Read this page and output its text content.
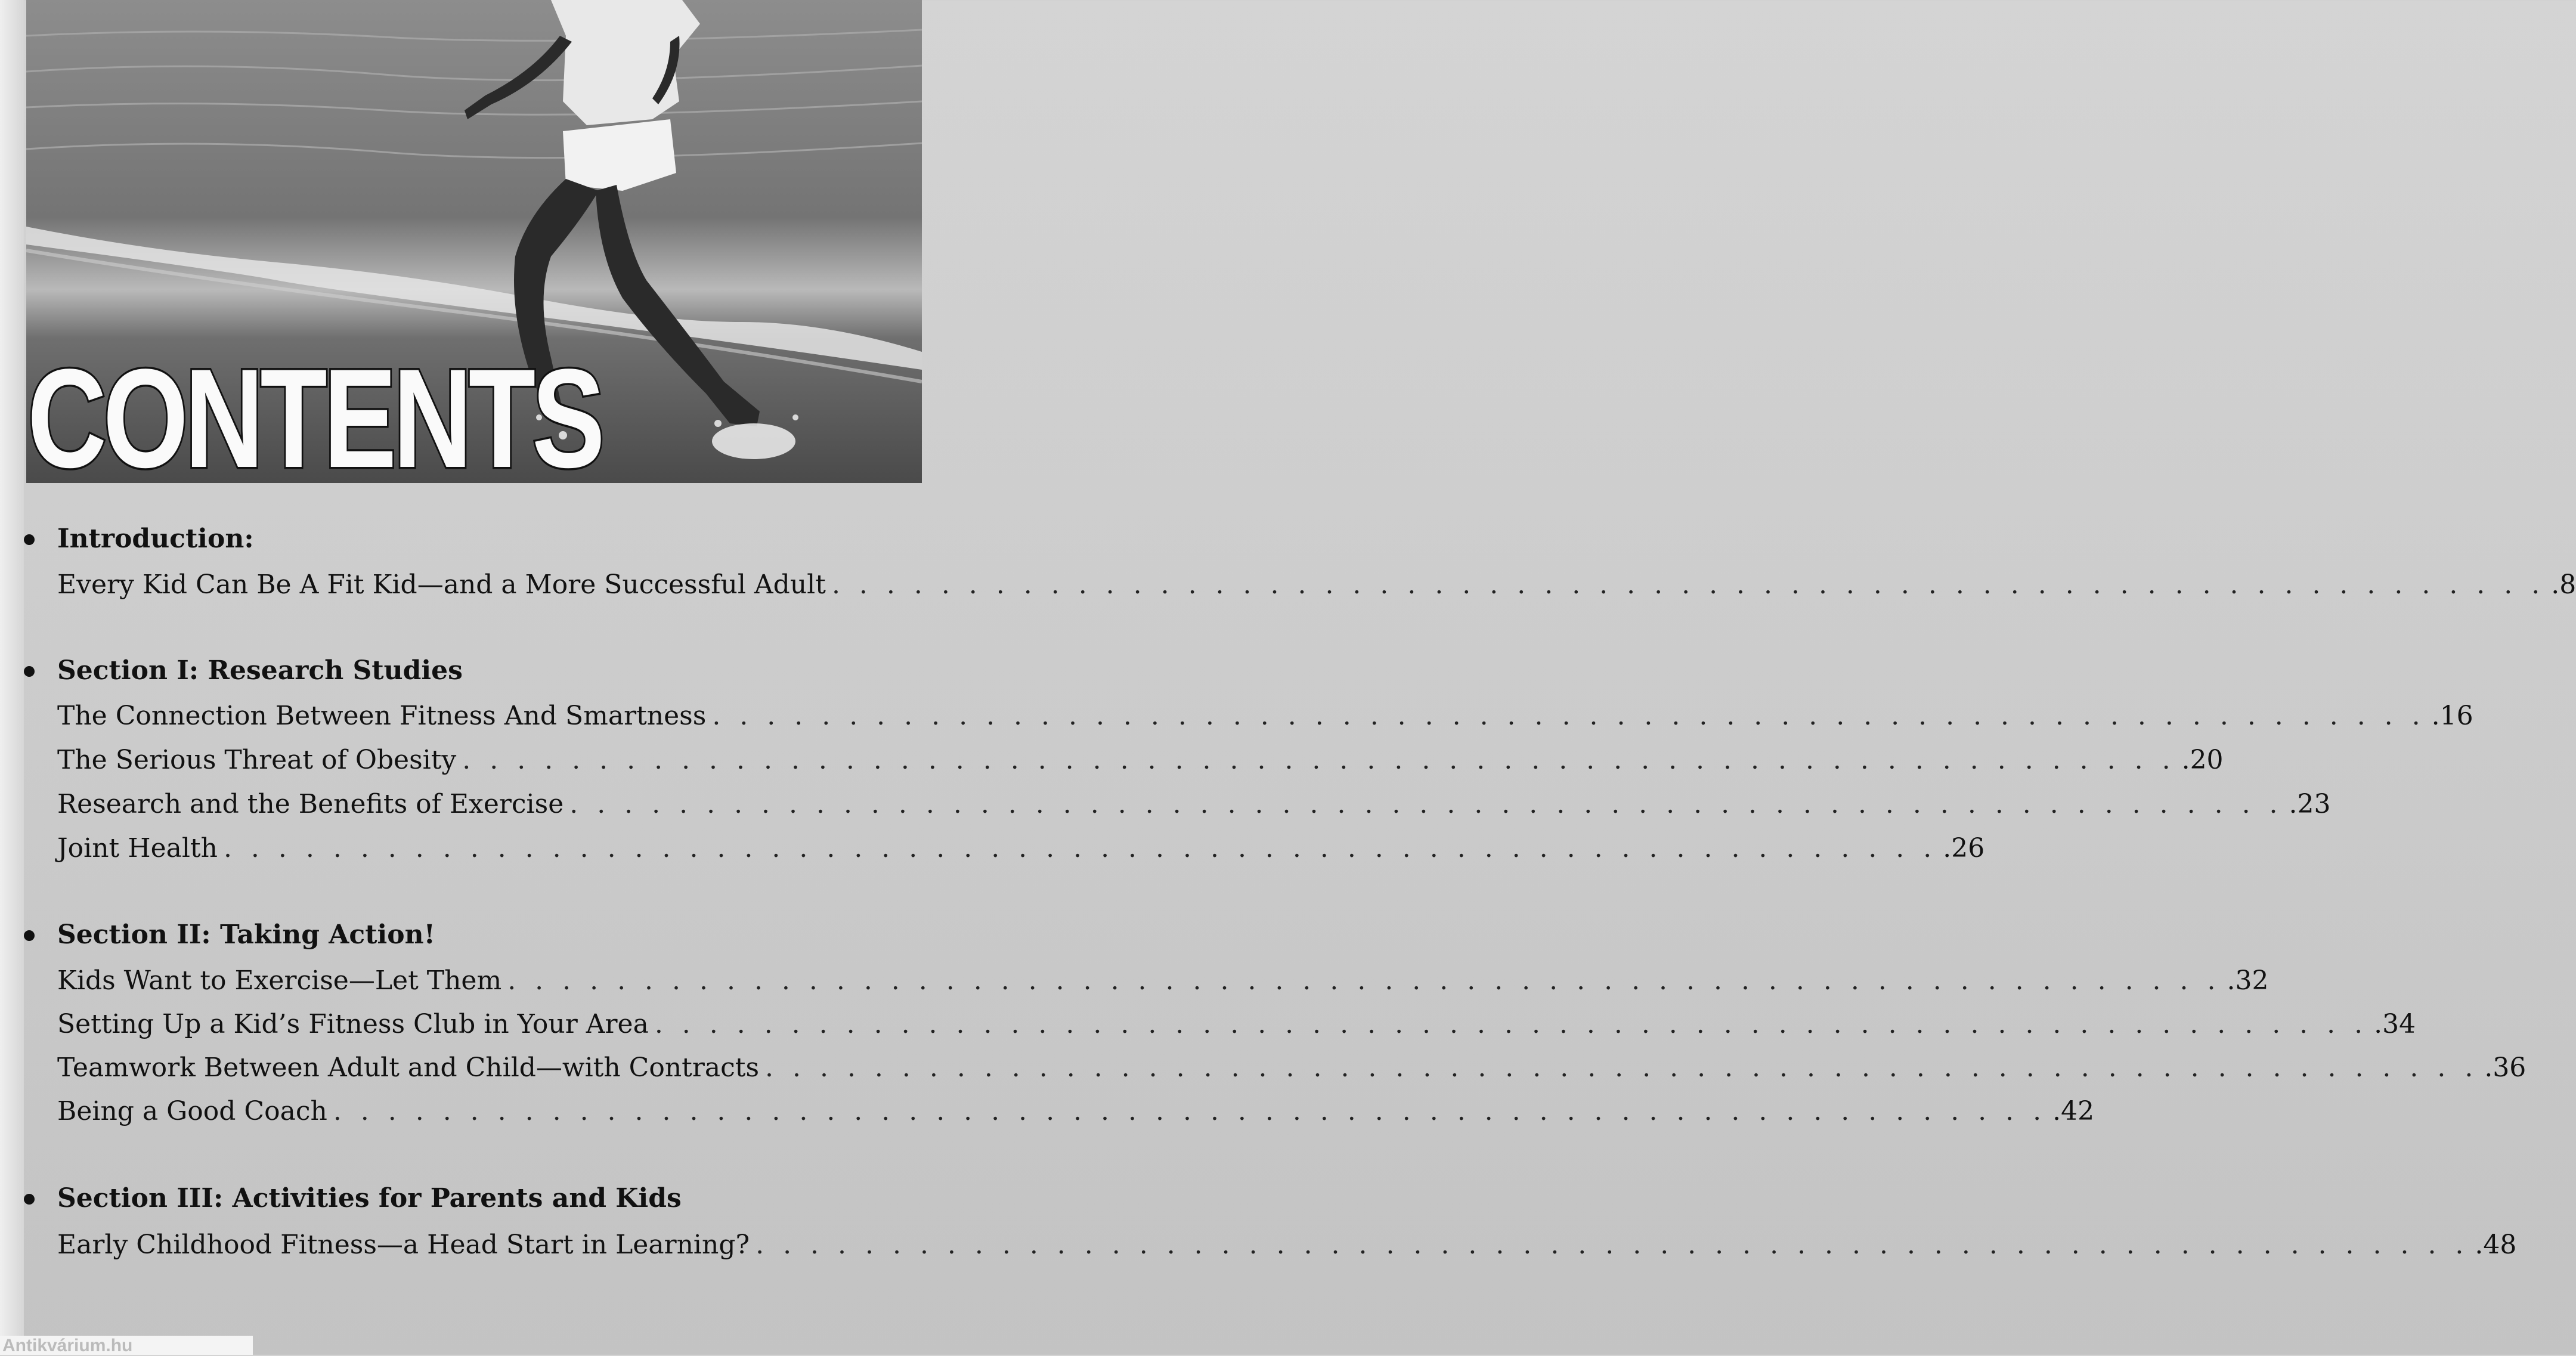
CONTENTS
Introduction:
Every Kid Can Be A Fit Kid—and a More Successful Adult . . . . . . . . . . . . . . . . . . . . . . . . . . . . . . . . . . . . . . . . . . . . . . . . . . . . . . . . . . . . . . . .8
Section I: Research Studies
The Connection Between Fitness And Smartness . . . . . . . . . . . . . . . . . . . . . . . . . . . . . . . . . . . . . . . . . . . . . . . . . . . . . . . . . . . . . . . .16
The Serious Threat of Obesity . . . . . . . . . . . . . . . . . . . . . . . . . . . . . . . . . . . . . . . . . . . . . . . . . . . . . . . . . . . . . . . .20
Research and the Benefits of Exercise . . . . . . . . . . . . . . . . . . . . . . . . . . . . . . . . . . . . . . . . . . . . . . . . . . . . . . . . . . . . . . . .23
Joint Health . . . . . . . . . . . . . . . . . . . . . . . . . . . . . . . . . . . . . . . . . . . . . . . . . . . . . . . . . . . . . . . .26
Section II: Taking Action!
Kids Want to Exercise—Let Them . . . . . . . . . . . . . . . . . . . . . . . . . . . . . . . . . . . . . . . . . . . . . . . . . . . . . . . . . . . . . . . .32
Setting Up a Kid’s Fitness Club in Your Area . . . . . . . . . . . . . . . . . . . . . . . . . . . . . . . . . . . . . . . . . . . . . . . . . . . . . . . . . . . . . . . .34
Teamwork Between Adult and Child—with Contracts . . . . . . . . . . . . . . . . . . . . . . . . . . . . . . . . . . . . . . . . . . . . . . . . . . . . . . . . . . . . . . . .36
Being a Good Coach . . . . . . . . . . . . . . . . . . . . . . . . . . . . . . . . . . . . . . . . . . . . . . . . . . . . . . . . . . . . . . . .42
Section III: Activities for Parents and Kids
Early Childhood Fitness—a Head Start in Learning? . . . . . . . . . . . . . . . . . . . . . . . . . . . . . . . . . . . . . . . . . . . . . . . . . . . . . . . . . . . . . . . .48
Antikvárium.hu
